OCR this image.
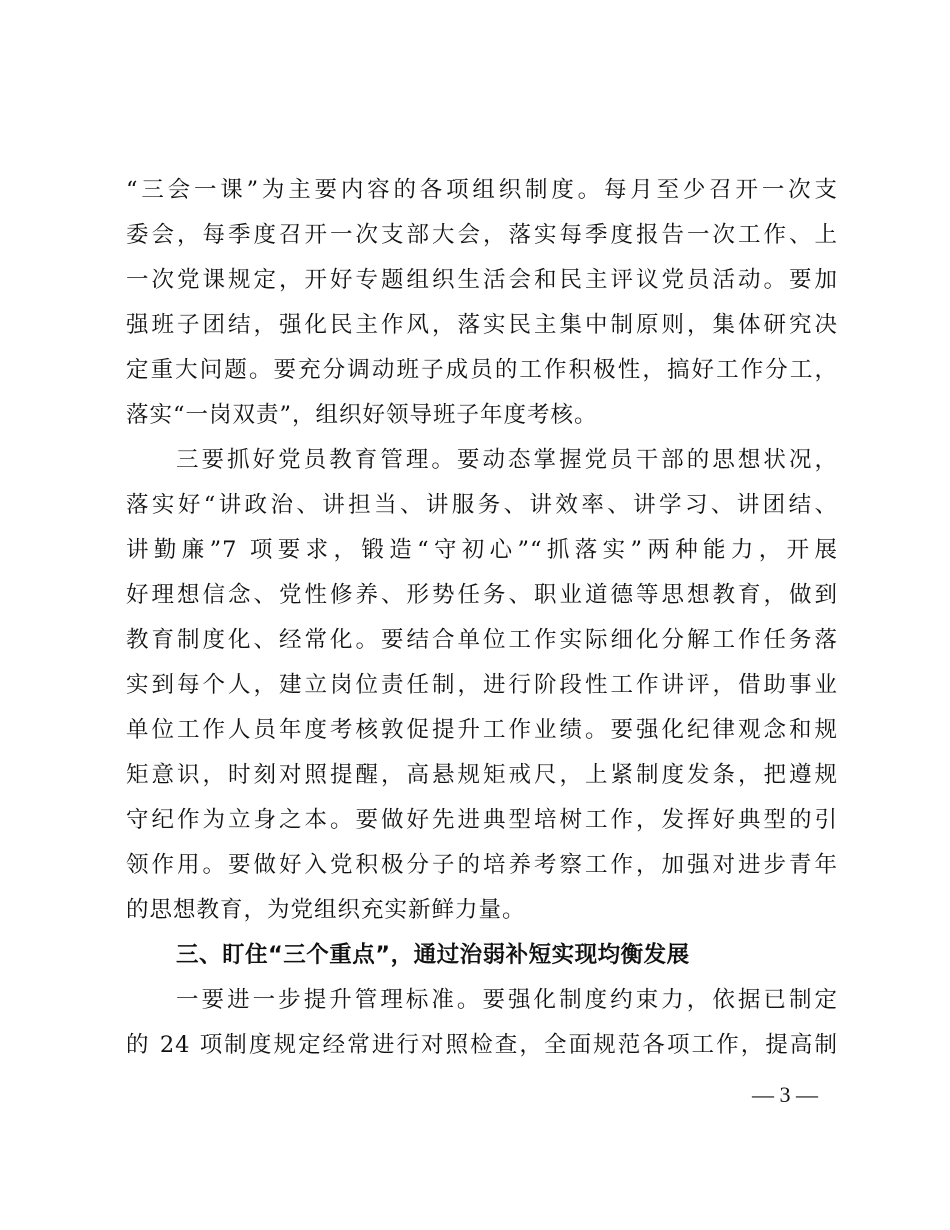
“三会一课”为主要内容的各项组织制度。每月至少召开一次支
委会，每季度召开一次支部大会，落实每季度报告一次工作、上
一次党课规定，开好专题组织生活会和民主评议党员活动。要加
强班子团结，强化民主作风，落实民主集中制原则，集体研究决
定重大问题。要充分调动班子成员的工作积极性，搞好工作分工，
落实“一岗双责”，组织好领导班子年度考核。
三要抓好党员教育管理。要动态掌握党员干部的思想状况，
落实好“讲政治、讲担当、讲服务、讲效率、讲学习、讲团结、
讲勤廉”7 项要求，锻造“守初心”“抓落实”两种能力，开展
好理想信念、党性修养、形势任务、职业道德等思想教育，做到
教育制度化、经常化。要结合单位工作实际细化分解工作任务落
实到每个人，建立岗位责任制，进行阶段性工作讲评，借助事业
单位工作人员年度考核敦促提升工作业绩。要强化纪律观念和规
矩意识，时刻对照提醒，高悬规矩戒尺，上紧制度发条，把遵规
守纪作为立身之本。要做好先进典型培树工作，发挥好典型的引
领作用。要做好入党积极分子的培养考察工作，加强对进步青年
的思想教育，为党组织充实新鲜力量。
三、盯住“三个重点”，通过治弱补短实现均衡发展
一要进一步提升管理标准。要强化制度约束力，依据已制定
的 24 项制度规定经常进行对照检查，全面规范各项工作，提高制
— 3 —
